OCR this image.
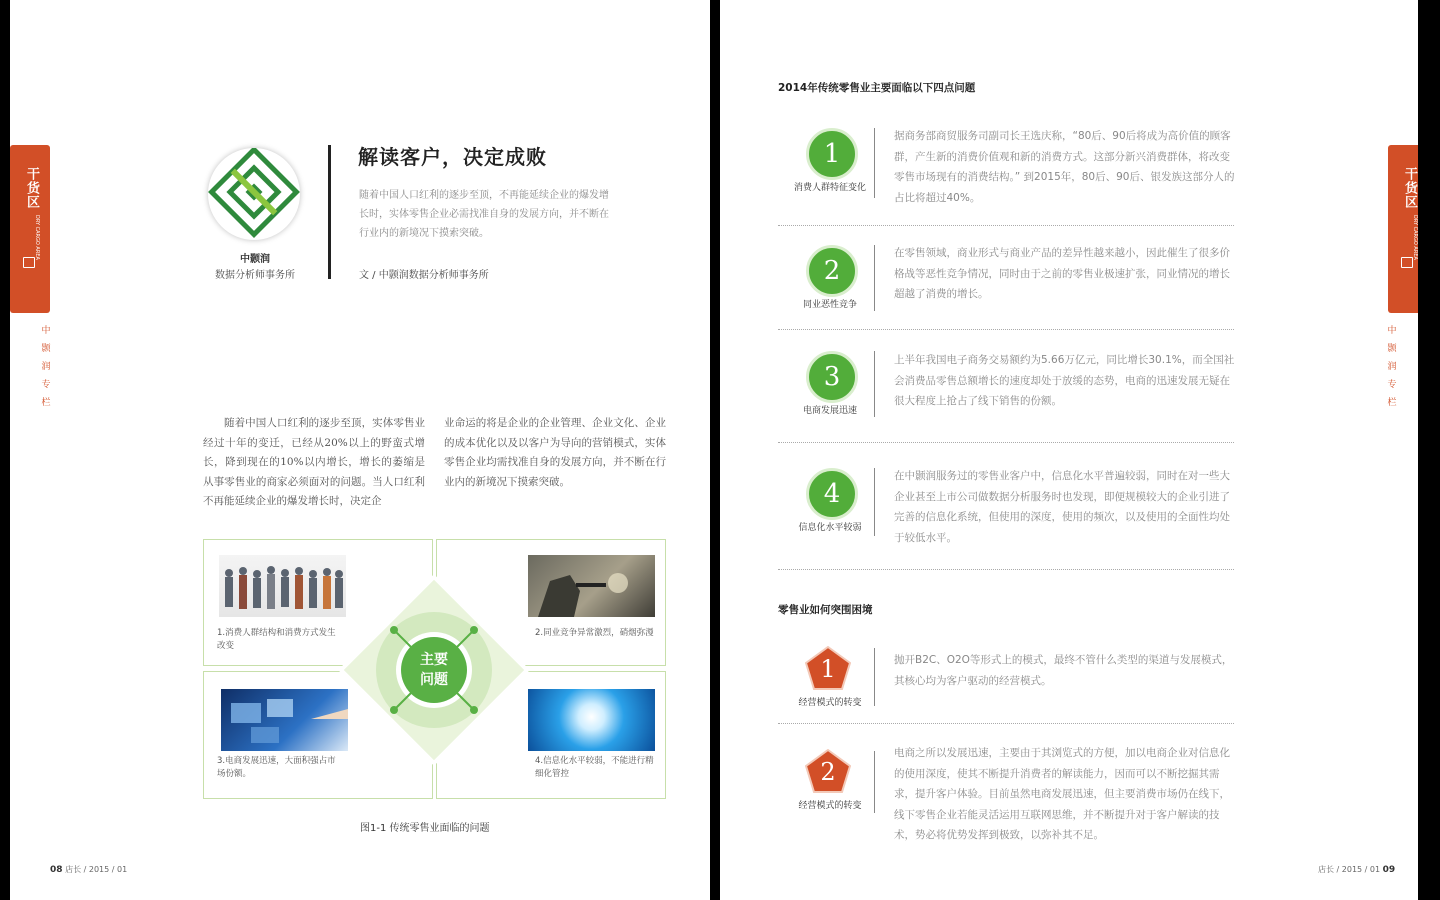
干货区
DRY CARGO AREA
中
颢
润
专
栏
中颢润
数据分析师事务所
解读客户，决定成败
随着中国人口红利的逐步至顶，不再能延续企业的爆发增长时，实体零售企业必需找准自身的发展方向，并不断在行业内的新境况下摸索突破。
文 / 中颢润数据分析师事务所
随着中国人口红利的逐步至顶，实体零售业经过十年的变迁，已经从20%以上的野蛮式增长，降到现在的10%以内增长，增长的萎缩是从事零售业的商家必须面对的问题。当人口红利不再能延续企业的爆发增长时，决定企
业命运的将是企业的企业管理、企业文化、企业的成本优化以及以客户为导向的营销模式，实体零售企业均需找准自身的发展方向，并不断在行业内的新境况下摸索突破。
1.消费人群结构和消费方式发生改变
2.同业竞争异常激烈，硝烟弥漫
3.电商发展迅速，大面积强占市场份额。
4.信息化水平较弱，不能进行精细化管控
主要问题
图1-1 传统零售业面临的问题
08 店长 / 2015 / 01
干货区
DRY CARGO AREA
中
颢
润
专
栏
2014年传统零售业主要面临以下四点问题
1
消费人群特征变化
据商务部商贸服务司副司长王选庆称，“80后、90后将成为高价值的顾客群，产生新的消费价值观和新的消费方式。这部分新兴消费群体，将改变零售市场现有的消费结构。” 到2015年，80后、90后、银发族这部分人的占比将超过40%。
2
同业恶性竞争
在零售领域，商业形式与商业产品的差异性越来越小，因此催生了很多价格战等恶性竞争情况，同时由于之前的零售业极速扩张，同业情况的增长超越了消费的增长。
3
电商发展迅速
上半年我国电子商务交易额约为5.66万亿元，同比增长30.1%，而全国社会消费品零售总额增长的速度却处于放缓的态势，电商的迅速发展无疑在很大程度上抢占了线下销售的份额。
4
信息化水平较弱
在中颢润服务过的零售业客户中，信息化水平普遍较弱，同时在对一些大企业甚至上市公司做数据分析服务时也发现，即便规模较大的企业引进了完善的信息化系统，但使用的深度，使用的频次，以及使用的全面性均处于较低水平。
零售业如何突围困境
1
经营模式的转变
抛开B2C、O2O等形式上的模式，最终不管什么类型的渠道与发展模式，其核心均为客户驱动的经营模式。
2
经营模式的转变
电商之所以发展迅速，主要由于其浏览式的方便，加以电商企业对信息化的使用深度，使其不断提升消费者的解读能力，因而可以不断挖掘其需求，提升客户体验。目前虽然电商发展迅速，但主要消费市场仍在线下，线下零售企业若能灵活运用互联网思维，并不断提升对于客户解读的技术，势必将优势发挥到极致，以弥补其不足。
店长 / 2015 / 01 09
